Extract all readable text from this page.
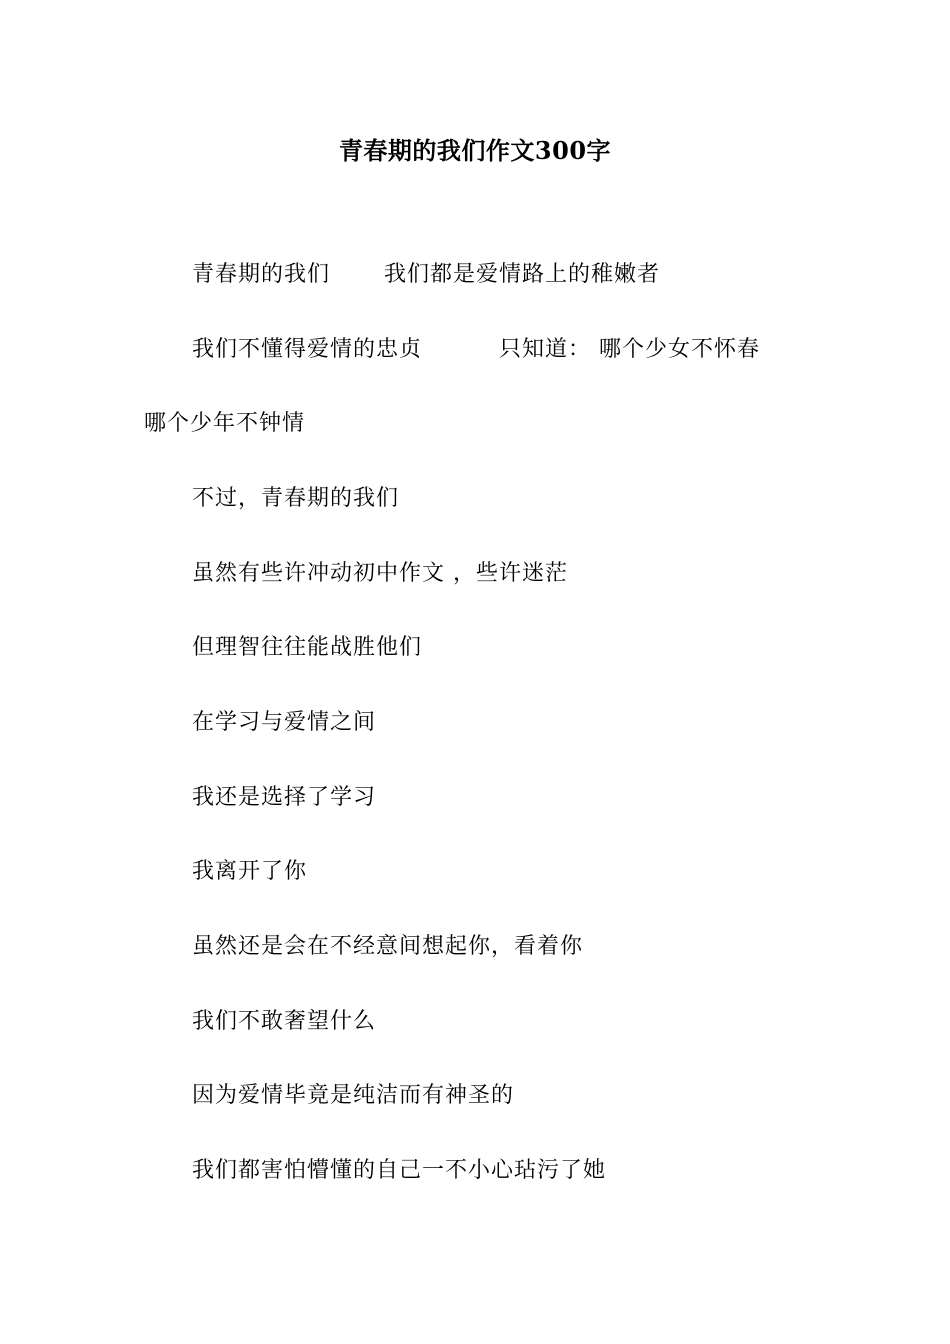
青春期的我们作文300字
青春期的我们　　 我们都是爱情路上的稚嫩者
我们不懂得爱情的忠贞　　　 只知道： 哪个少女不怀春
哪个少年不钟情
不过，青春期的我们
虽然有些许冲动初中作文 ，些许迷茫
但理智往往能战胜他们
在学习与爱情之间
我还是选择了学习
我离开了你
虽然还是会在不经意间想起你，看着你
我们不敢奢望什么
因为爱情毕竟是纯洁而有神圣的
我们都害怕懵懂的自己一不小心玷污了她
